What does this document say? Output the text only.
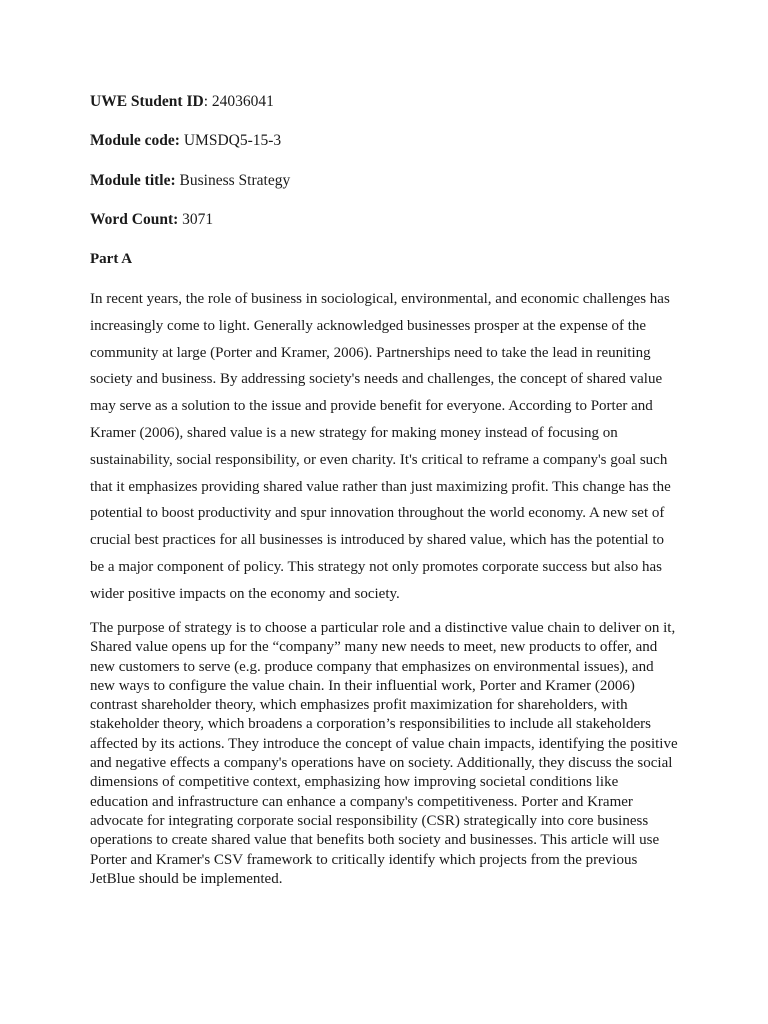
UWE Student ID: 24036041
Module code: UMSDQ5-15-3
Module title: Business Strategy
Word Count: 3071
Part A

In recent years, the role of business in sociological, environmental, and economic challenges has increasingly come to light. Generally acknowledged businesses prosper at the expense of the community at large (Porter and Kramer, 2006). Partnerships need to take the lead in reuniting society and business. By addressing society's needs and challenges, the concept of shared value may serve as a solution to the issue and provide benefit for everyone. According to Porter and Kramer (2006), shared value is a new strategy for making money instead of focusing on sustainability, social responsibility, or even charity. It's critical to reframe a company's goal such that it emphasizes providing shared value rather than just maximizing profit. This change has the potential to boost productivity and spur innovation throughout the world economy. A new set of crucial best practices for all businesses is introduced by shared value, which has the potential to be a major component of policy. This strategy not only promotes corporate success but also has wider positive impacts on the economy and society.

The purpose of strategy is to choose a particular role and a distinctive value chain to deliver on it, Shared value opens up for the “company” many new needs to meet, new products to offer, and new customers to serve (e.g. produce company that emphasizes on environmental issues), and new ways to configure the value chain. In their influential work, Porter and Kramer (2006) contrast shareholder theory, which emphasizes profit maximization for shareholders, with stakeholder theory, which broadens a corporation’s responsibilities to include all stakeholders affected by its actions. They introduce the concept of value chain impacts, identifying the positive and negative effects a company's operations have on society. Additionally, they discuss the social dimensions of competitive context, emphasizing how improving societal conditions like education and infrastructure can enhance a company's competitiveness. Porter and Kramer advocate for integrating corporate social responsibility (CSR) strategically into core business operations to create shared value that benefits both society and businesses. This article will use Porter and Kramer's CSV framework to critically identify which projects from the previous JetBlue should be implemented.
